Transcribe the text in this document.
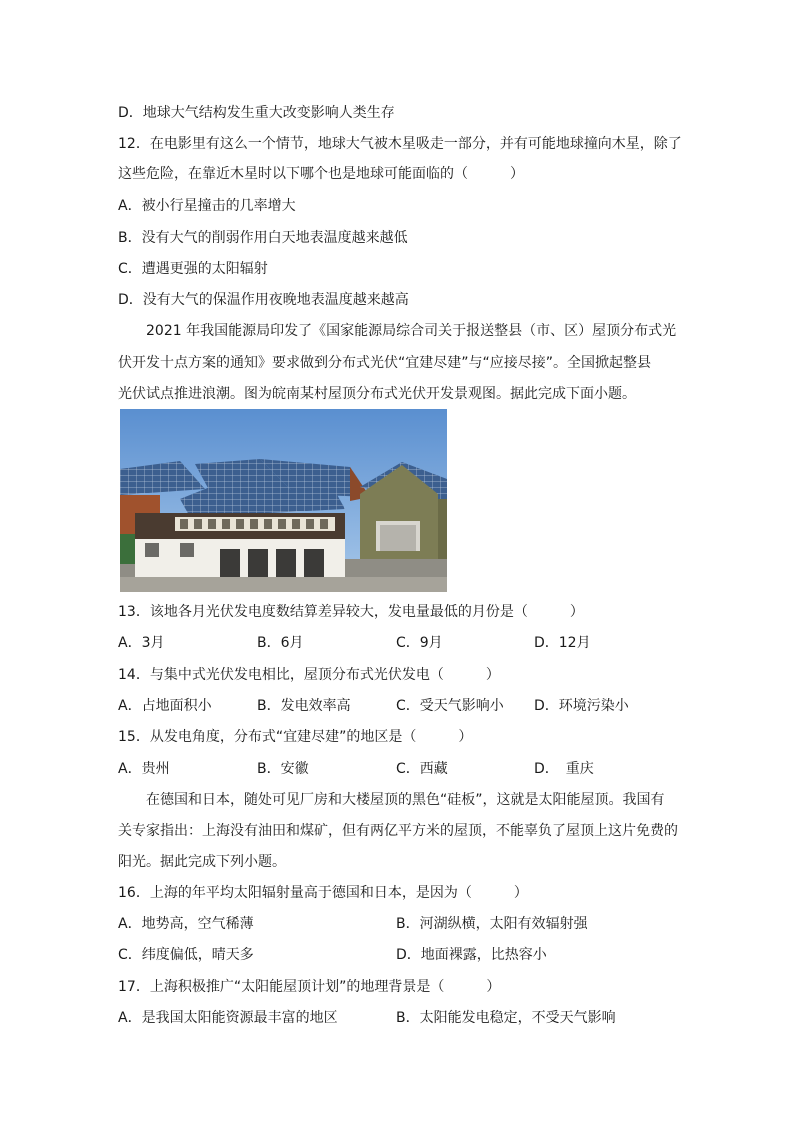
D．地球大气结构发生重大改变影响人类生存
12．在电影里有这么一个情节，地球大气被木星吸走一部分，并有可能地球撞向木星，除了
这些危险，在靠近木星时以下哪个也是地球可能面临的（　　　）
A．被小行星撞击的几率增大
B．没有大气的削弱作用白天地表温度越来越低
C．遭遇更强的太阳辐射
D．没有大气的保温作用夜晚地表温度越来越高
2021 年我国能源局印发了《国家能源局综合司关于报送整县（市、区）屋顶分布式光
伏开发十点方案的通知》要求做到分布式光伏“宜建尽建”与“应接尽接”。全国掀起整县
光伏试点推进浪潮。图为皖南某村屋顶分布式光伏开发景观图。据此完成下面小题。
13．该地各月光伏发电度数结算差异较大，发电量最低的月份是（　　　）
A．3月	B．6月	C．9月	D．12月
14．与集中式光伏发电相比，屋顶分布式光伏发电（　　　）
A．占地面积小	B．发电效率高	C．受天气影响小 D．环境污染小
15．从发电角度，分布式“宜建尽建”的地区是（　　　）
A．贵州	B．安徽	C．西藏	D．　重庆
在德国和日本，随处可见厂房和大楼屋顶的黑色“硅板”，这就是太阳能屋顶。我国有
关专家指出：上海没有油田和煤矿，但有两亿平方米的屋顶，不能辜负了屋顶上这片免费的
阳光。据此完成下列小题。
16．上海的年平均太阳辐射量高于德国和日本，是因为（　　　）
A．地势高，空气稀薄	B．河湖纵横，太阳有效辐射强
C．纬度偏低，晴天多	D．地面裸露，比热容小
17．上海积极推广“太阳能屋顶计划”的地理背景是（　　　）
A．是我国太阳能资源最丰富的地区	B．太阳能发电稳定，不受天气影响
